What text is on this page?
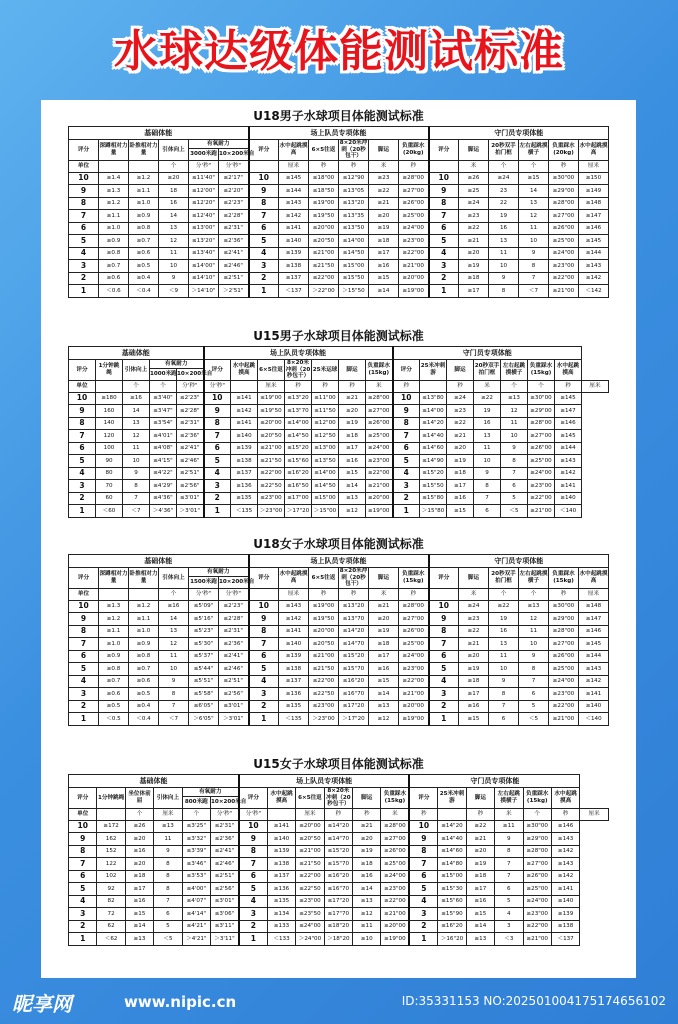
水球达级体能测试标准
U18男子水球项目体能测试标准
基础体能						场上队员专项体能						守门员专项体能					
评分	深蹲相对力量	卧推相对力量	引体向上	有氧耐力		评分	水中起跳摸高	6×5往返	8×20米冲刺（20秒包干）	脚运	负重踩水(20kg)	评分	脚运	20秒双手拍门框	左右起跳摸横子	负重踩水(20kg)	水中起跳摸高
				3000米跑	10×200米自												
单位			个	分'秒"	分'秒"		厘米	秒	秒	米	秒		米	个	个	秒	厘米
10	≥1.4	≥1.2	≥20	≤11'40"	≤2'17"	10	≥145	≤18"00	≤12"90	≥23	≥28"00	10	≥26	≥24	≥15	≥30"00	≥150
9	≥1.3	≥1.1	18	≤12'00"	≤2'20"	9	≥144	≤18"50	≤13"05	≥22	≥27"00	9	≥25	23	14	≥29"00	≥149
8	≥1.2	≥1.0	16	≤12'20"	≤2'23"	8	≥143	≤19"00	≤13"20	≥21	≥26"00	8	≥24	22	13	≥28"00	≥148
7	≥1.1	≥0.9	14	≤12'40"	≤2'28"	7	≥142	≤19"50	≤13"35	≥20	≥25"00	7	≥23	19	12	≥27"00	≥147
6	≥1.0	≥0.8	13	≤13'00"	≤2'31"	6	≥141	≤20"00	≤13"50	≥19	≥24"00	6	≥22	16	11	≥26"00	≥146
5	≥0.9	≥0.7	12	≤13'20"	≤2'36"	5	≥140	≤20"50	≤14"00	≥18	≥23"00	5	≥21	13	10	≥25"00	≥145
4	≥0.8	≥0.6	11	≤13'40"	≤2'41"	4	≥139	≤21"00	≤14"50	≥17	≥22"00	4	≥20	11	9	≥24"00	≥144
3	≥0.7	≥0.5	10	≤14'00"	≤2'46"	3	≥138	≤21"50	≤15"00	≥16	≥21"00	3	≥19	10	8	≥23"00	≥143
2	≥0.6	≥0.4	9	≤14'10"	≤2'51"	2	≥137	≤22"00	≤15"50	≥15	≥20"00	2	≥18	9	7	≥22"00	≥142
1	＜0.6	＜0.4	＜9	＞14'10"	＞2'51"	1	＜137	＞22"00	＞15"50	≥14	≥19"00	1	≥17	8	＜7	≥21"00	＜142
U15男子水球项目体能测试标准
基础体能					场上队员专项体能							守门员专项体能							
评分	1分钟跳绳	引体向上	有氧耐力		评分	水中起跳摸高	6×5往返	8×20米冲刺（20秒包干）	25米运球	脚运	负重踩水(15kg)	评分	25米冲刺游	脚运	20秒双手拍门框	左右起跳摸横子	负重踩水(15kg)	水中起跳摸高	
			1000米跑	10×200米自															
单位		个	个	分'秒"	分'秒"		厘米	秒	秒	秒	米	秒		秒	米	个	个	秒	厘米
10	≥180	≥16	≤3'40"	≤2'23"	10	≥141	≤19"00	≤13"20	≤11"00	≥21	≥28"00	10	≤13"80	≥24	≥22	≥13	≥30"00	≥145	
9	160	14	≤3'47"	≤2'28"	9	≥142	≤19"50	≤13"70	≤11"50	≥20	≥27"00	9	≤14"00	≥23	19	12	≥29"00	≥147	
8	140	13	≤3'54"	≤2'31"	8	≥141	≤20"00	≤14"00	≤12"00	≥19	≥26"00	8	≤14"20	≥22	16	11	≥28"00	≥146	
7	120	12	≤4'01"	≤2'36"	7	≥140	≤20"50	≤14"50	≤12"50	≥18	≥25"00	7	≤14"40	≥21	13	10	≥27"00	≥145	
6	100	11	≤4'08"	≤2'41"	6	≥139	≤21"00	≤15"20	≤13"00	≥17	≥24"00	6	≤14"60	≥20	11	9	≥26"00	≥144	
5	90	10	≤4'15"	≤2'46"	5	≥138	≤21"50	≤15"60	≤13"50	≥16	≥23"00	5	≤14"90	≥19	10	8	≥25"00	≥143	
4	80	9	≤4'22"	≤2'51"	4	≥137	≤22"00	≤16"20	≤14"00	≥15	≥22"00	4	≤15"20	≥18	9	7	≥24"00	≥142	
3	70	8	≤4'29"	≤2'56"	3	≥136	≤22"50	≤16"50	≤14"50	≥14	≥21"00	3	≤15"50	≥17	8	6	≥23"00	≥141	
2	60	7	≤4'36"	≤3'01"	2	≥135	≤23"00	≤17"00	≤15"00	≥13	≥20"00	2	≤15"80	≥16	7	5	≥22"00	≥140	
1	＜60	＜7	＞4'36"	＞3'01"	1	＜135	＞23"00	＞17"20	＞15"00	≥12	≥19"00	1	＞15"80	≥15	6	＜5	≥21"00	＜140	
U18女子水球项目体能测试标准
基础体能						场上队员专项体能						守门员专项体能					
评分	深蹲相对力量	卧推相对力量	引体向上	有氧耐力		评分	水中起跳摸高	6×5往返	8×20米冲刺（20秒包干）	脚运	负重踩水(15kg)	评分	脚运	20秒双手拍门框	左右起跳摸横子	负重踩水(15kg)	水中起跳摸高
				1500米跑	10×200米自												
单位			个	分'秒"	分'秒"		厘米	秒	秒	米	秒		米	个	个	秒	厘米
10	≥1.3	≥1.2	≥16	≤5'09"	≤2'23"	10	≥143	≤19"00	≤13"20	≥21	≥28"00	10	≥24	≥22	≥13	≥30"00	≥148
9	≥1.2	≥1.1	14	≤5'16"	≤2'28"	9	≥142	≤19"50	≤13"70	≥20	≥27"00	9	≥23	19	12	≥29"00	≥147
8	≥1.1	≥1.0	13	≤5'23"	≤2'31"	8	≥141	≤20"00	≤14"20	≥19	≥26"00	8	≥22	16	11	≥28"00	≥146
7	≥1.0	≥0.9	12	≤5'30"	≤2'36"	7	≥140	≤20"50	≤14"70	≥18	≥25"00	7	≥21	13	10	≥27"00	≥145
6	≥0.9	≥0.8	11	≤5'37"	≤2'41"	6	≥139	≤21"00	≤15"20	≥17	≥24"00	6	≥20	11	9	≥26"00	≥144
5	≥0.8	≥0.7	10	≤5'44"	≤2'46"	5	≥138	≤21"50	≤15"70	≥16	≥23"00	5	≥19	10	8	≥25"00	≥143
4	≥0.7	≥0.6	9	≤5'51"	≤2'51"	4	≥137	≤22"00	≤16"20	≥15	≥22"00	4	≥18	9	7	≥24"00	≥142
3	≥0.6	≥0.5	8	≤5'58"	≤2'56"	3	≥136	≤22"50	≤16"70	≥14	≥21"00	3	≥17	8	6	≥23"00	≥141
2	≥0.5	≥0.4	7	≤6'05"	≤3'01"	2	≥135	≤23"00	≤17"20	≥13	≥20"00	2	≥16	7	5	≥22"00	≥140
1	＜0.5	＜0.4	＜7	＞6'05"	＞3'01"	1	＜135	＞23"00	＞17"20	≥12	≥19"00	1	≥15	6	＜5	≥21"00	＜140
U15女子水球项目体能测试标准
基础体能						场上队员专项体能						守门员专项体能						
评分	1分钟跳绳	坐位体前屈	引体向上	有氧耐力		评分	水中起跳摸高	6×5往返	8×20米冲刺（20秒包干）	脚运	负重踩水(15kg)	评分	25米冲刺游	脚运	左右起跳摸横子	负重踩水(15kg)	水中起跳摸高	
				800米跑	10×200米自													
单位		个	厘米	个	分'秒"	分'秒"		厘米	秒	秒	米	秒		秒	米	个	秒	厘米
10	≥172	≥26	≥13	≤3'25"	≤2'31"	10	≥141	≤20"00	≤14"20	≥21	≥28"00	10	≤14"20	≥22	≥11	≥30"00	≥146	
9	162	≥20	11	≤3'32"	≤2'36"	9	≥140	≤20"50	≤14"70	≥20	≥27"00	9	≤14"40	≥21	9	≥29"00	≥143	
8	152	≥16	9	≤3'39"	≤2'41"	8	≥139	≤21"00	≤15"20	≥19	≥26"00	8	≤14"60	≥20	8	≥28"00	≥142	
7	122	≥20	8	≤3'46"	≤2'46"	7	≥138	≤21"50	≤15"70	≥18	≥25"00	7	≤14"80	≥19	7	≥27"00	≥143	
6	102	≥18	8	≤3'53"	≤2'51"	6	≥137	≤22"00	≤16"20	≥16	≥24"00	6	≤15"00	≥18	7	≥26"00	≥142	
5	92	≥17	8	≤4'00"	≤2'56"	5	≥136	≤22"50	≤16"70	≥14	≥23"00	5	≤15"30	≥17	6	≥25"00	≥141	
4	82	≥16	7	≤4'07"	≤3'01"	4	≥135	≤23"00	≤17"20	≥13	≥22"00	4	≤15"60	≥16	5	≥24"00	≥140	
3	72	≥15	6	≤4'14"	≤3'06"	3	≥134	≤23"50	≤17"70	≥12	≥21"00	3	≤15"90	≥15	4	≥23"00	≥139	
2	62	≥14	5	≤4'21"	≤3'11"	2	≥133	≤24"00	≤18"20	≥11	≥20"00	2	≤16"20	≥14	3	≥22"00	≥138	
1	＜62	≥13	＜5	＞4'21"	＞3'11"	1	＜133	＞24"00	＞18"20	≥10	≥19"00	1	＞16"20	≥13	＜3	≥21"00	＜137	
昵享网	www.nipic.cn	ID:35331153 NO:20250100417517465610​2
